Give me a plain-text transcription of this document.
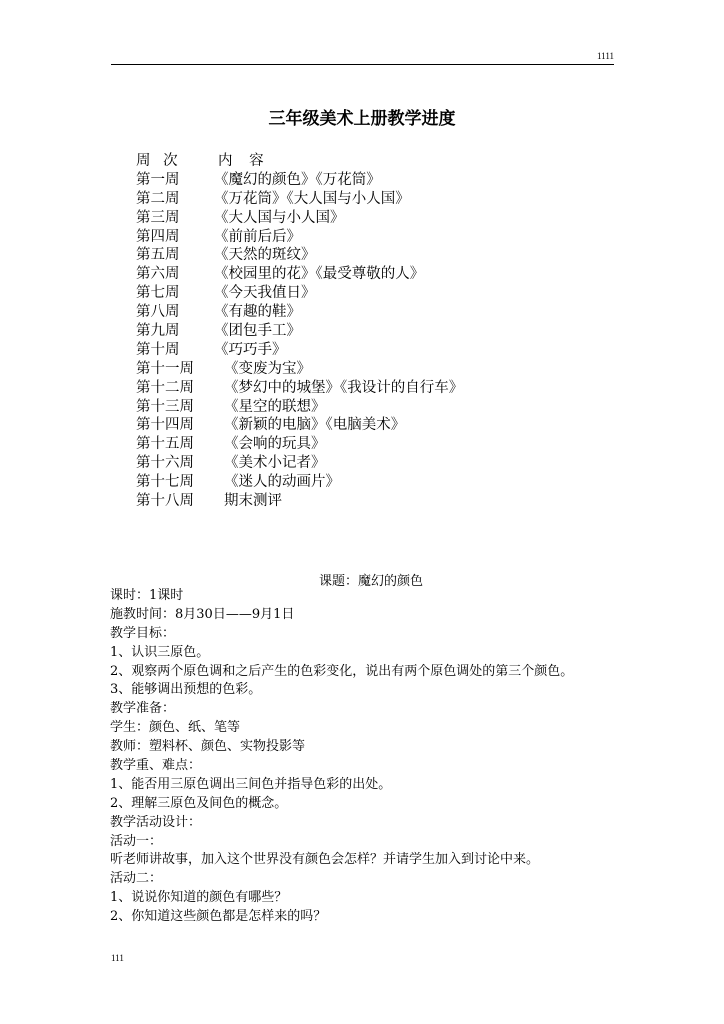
1111
三年级美术上册教学进度
周 次	内 容
第一周 《魔幻的颜色》《万花筒》
第二周 《万花筒》《大人国与小人国》
第三周 《大人国与小人国》
第四周 《前前后后》
第五周 《天然的斑纹》
第六周 《校园里的花》《最受尊敬的人》
第七周 《今天我值日》
第八周 《有趣的鞋》
第九周 《团包手工》
第十周 《巧巧手》
第十一周 《变废为宝》
第十二周 《梦幻中的城堡》《我设计的自行车》
第十三周 《星空的联想》
第十四周 《新颖的电脑》《电脑美术》
第十五周 《会响的玩具》
第十六周 《美术小记者》
第十七周 《迷人的动画片》
第十八周 期末测评
课题：魔幻的颜色
课时：1课时
施教时间：8月30日——9月1日
教学目标：
1、认识三原色。
2、观察两个原色调和之后产生的色彩变化，说出有两个原色调处的第三个颜色。
3、能够调出预想的色彩。
教学准备：
学生：颜色、纸、笔等
教师：塑料杯、颜色、实物投影等
教学重、难点：
1、能否用三原色调出三间色并指导色彩的出处。
2、理解三原色及间色的概念。
教学活动设计：
活动一：
听老师讲故事，加入这个世界没有颜色会怎样？并请学生加入到讨论中来。
活动二：
1、说说你知道的颜色有哪些？
2、你知道这些颜色都是怎样来的吗？
111
